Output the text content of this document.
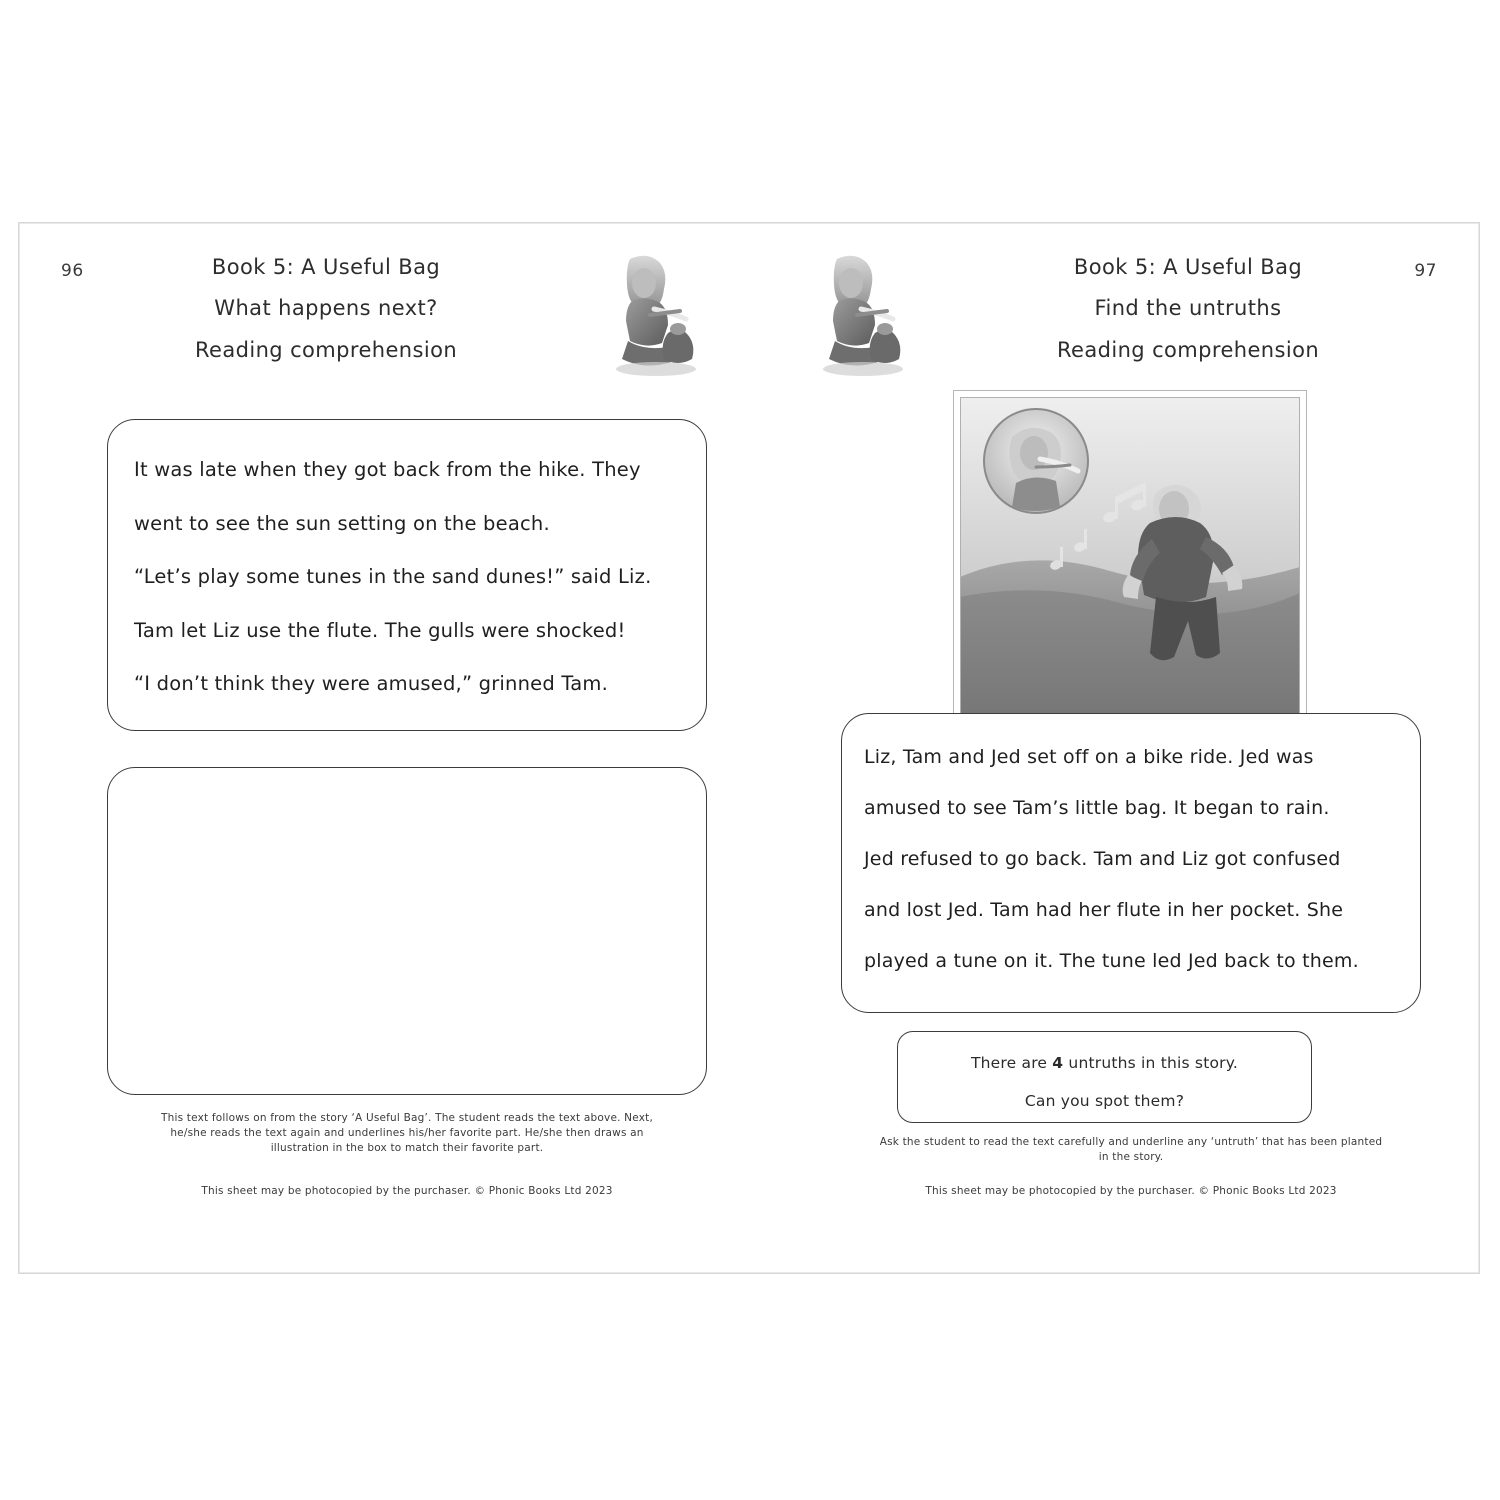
96	Book 5: A Useful Bag
What happens next?
Reading comprehension

It was late when they got back from the hike. They

went to see the sun setting on the beach.

“Let’s play some tunes in the sand dunes!” said Liz.

Tam let Liz use the flute. The gulls were shocked!

“I don’t think they were amused,” grinned Tam.

This text follows on from the story ‘A Useful Bag’. The student reads the text above. Next,
he/she reads the text again and underlines his/her favorite part. He/she then draws an
illustration in the box to match their favorite part.
This sheet may be photocopied by the purchaser. © Phonic Books Ltd 2023
97
Book 5: A Useful Bag
Find the untruths
Reading comprehension

Liz, Tam and Jed set off on a bike ride. Jed was

amused to see Tam’s little bag. It began to rain.

Jed refused to go back. Tam and Liz got confused

and lost Jed. Tam had her flute in her pocket. She

played a tune on it. The tune led Jed back to them.

There are 4 untruths in this story.

Can you spot them?

Ask the student to read the text carefully and underline any ‘untruth’ that has been planted
in the story.
This sheet may be photocopied by the purchaser. © Phonic Books Ltd 2023
